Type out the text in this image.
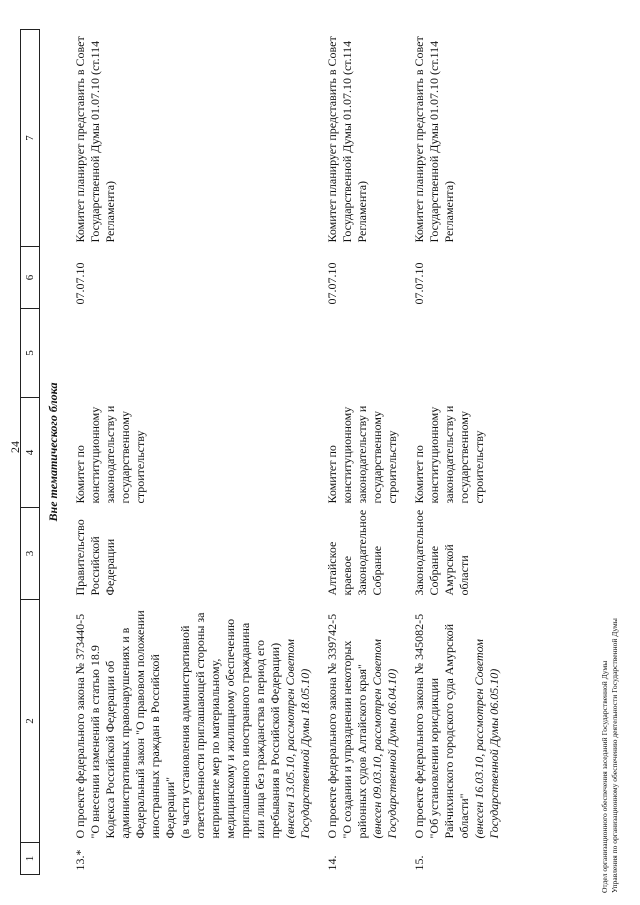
24
1	2	3	4	5	6	7
Вне тематического блока						
13.*	О проекте федерального закона № 373440-5
"О внесении изменений в статью 18.9 Кодекса Российской Федерации об административных правонарушениях и в Федеральный закон "О правовом положении иностранных граждан в Российской Федерации"
(в части установления административной ответственности приглашающей стороны за непринятие мер по материальному, медицинскому и жилищному обеспечению приглашенного иностранного гражданина или лица без гражданства в период его пребывания в Российской Федерации)
(внесен 13.05.10, рассмотрен Советом Государственной Думы 18.05.10)	Правительство Российской Федерации	Комитет по конституционному законодательству и государственному строительству		07.07.10	Комитет планирует представить в Совет Государственной Думы 01.07.10 (ст.114 Регламента)
14.	О проекте федерального закона № 339742-5
"О создании и упразднении некоторых районных судов Алтайского края"
(внесен 09.03.10, рассмотрен Советом Государственной Думы 06.04.10)	Алтайское краевое Законодательное Собрание	Комитет по конституционному законодательству и государственному строительству		07.07.10	Комитет планирует представить в Совет Государственной Думы 01.07.10 (ст.114 Регламента)
15.	О проекте федерального закона № 345082-5
"Об установлении юрисдикции Райчихинского городского суда Амурской области"
(внесен 16.03.10, рассмотрен Советом Государственной Думы 06.05.10)	Законодательное Собрание Амурской области	Комитет по конституционному законодательству и государственному строительству		07.07.10	Комитет планирует представить в Совет Государственной Думы 01.07.10 (ст.114 Регламента)
Отдел организационного обеспечения заседаний Государственной Думы Управления по организационному обеспечению деятельности Государственной Думы
